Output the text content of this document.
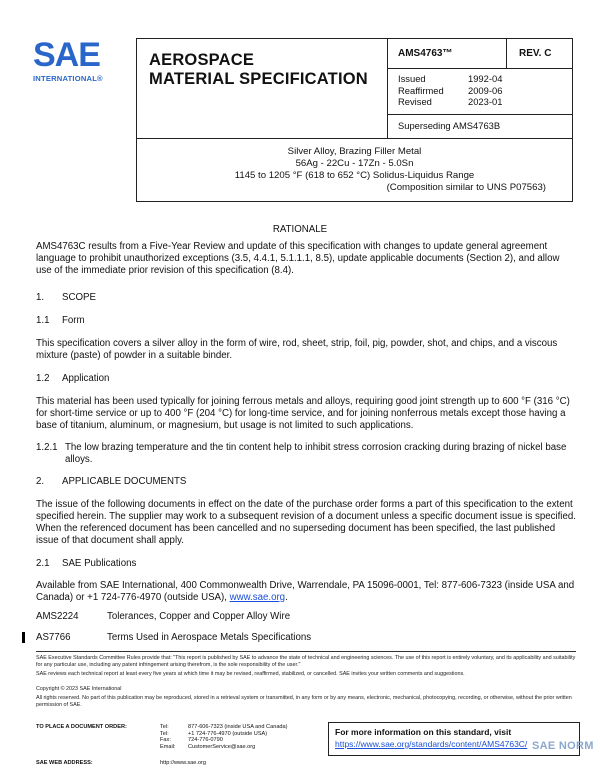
SAE
INTERNATIONAL®
AEROSPACE
MATERIAL SPECIFICATION
AMS4763™	REV. C
Issued	1992-04
Reaffirmed	2009-06
Revised	2023-01
Superseding AMS4763B
Silver Alloy, Brazing Filler Metal
56Ag - 22Cu - 17Zn - 5.0Sn
1145 to 1205 °F (618 to 652 °C) Solidus-Liquidus Range
(Composition similar to UNS P07563)
RATIONALE

AMS4763C results from a Five-Year Review and update of this specification with changes to update general agreement language to prohibit unauthorized exceptions (3.5, 4.4.1, 5.1.1.1, 8.5), update applicable documents (Section 2), and allow use of the immediate prior revision of this specification (8.4).

1. SCOPE
1.1 Form

This specification covers a silver alloy in the form of wire, rod, sheet, strip, foil, pig, powder, shot, and chips, and a viscous mixture (paste) of powder in a suitable binder.

1.2 Application

This material has been used typically for joining ferrous metals and alloys, requiring good joint strength up to 600 °F (316 °C) for short-time service or up to 400 °F (204 °C) for long-time service, and for joining nonferrous metals except those having a base of titanium, aluminum, or magnesium, but usage is not limited to such applications.

1.2.1 The low brazing temperature and the tin content help to inhibit stress corrosion cracking during brazing of nickel base alloys.
2. APPLICABLE DOCUMENTS

The issue of the following documents in effect on the date of the purchase order forms a part of this specification to the extent specified herein. The supplier may work to a subsequent revision of a document unless a specific document issue is specified. When the referenced document has been cancelled and no superseding document has been specified, the last published issue of that document shall apply.

2.1 SAE Publications

Available from SAE International, 400 Commonwealth Drive, Warrendale, PA 15096-0001, Tel: 877-606-7323 (inside USA and Canada) or +1 724-776-4970 (outside USA), www.sae.org.

AMS2224	Tolerances, Copper and Copper Alloy Wire
AS7766	Terms Used in Aerospace Metals Specifications
SAE Executive Standards Committee Rules provide that: "This report is published by SAE to advance the state of technical and engineering sciences. The use of this report is entirely voluntary, and its applicability and suitability for any particular use, including any patent infringement arising therefrom, is the sole responsibility of the user."
SAE reviews each technical report at least every five years at which time it may be revised, reaffirmed, stabilized, or cancelled. SAE invites your written comments and suggestions.
Copyright © 2023 SAE International
All rights reserved. No part of this publication may be reproduced, stored in a retrieval system or transmitted, in any form or by any means, electronic, mechanical, photocopying, recording, or otherwise, without the prior written permission of SAE.
TO PLACE A DOCUMENT ORDER:	Tel:	877-606-7323 (inside USA and Canada)
Tel:	+1 724-776-4970 (outside USA)
Fax:	724-776-0790
Email:	CustomerService@sae.org
SAE WEB ADDRESS:	http://www.sae.org
For more information on this standard, visit
https://www.sae.org/standards/content/AMS4763C/ SAE NORM
